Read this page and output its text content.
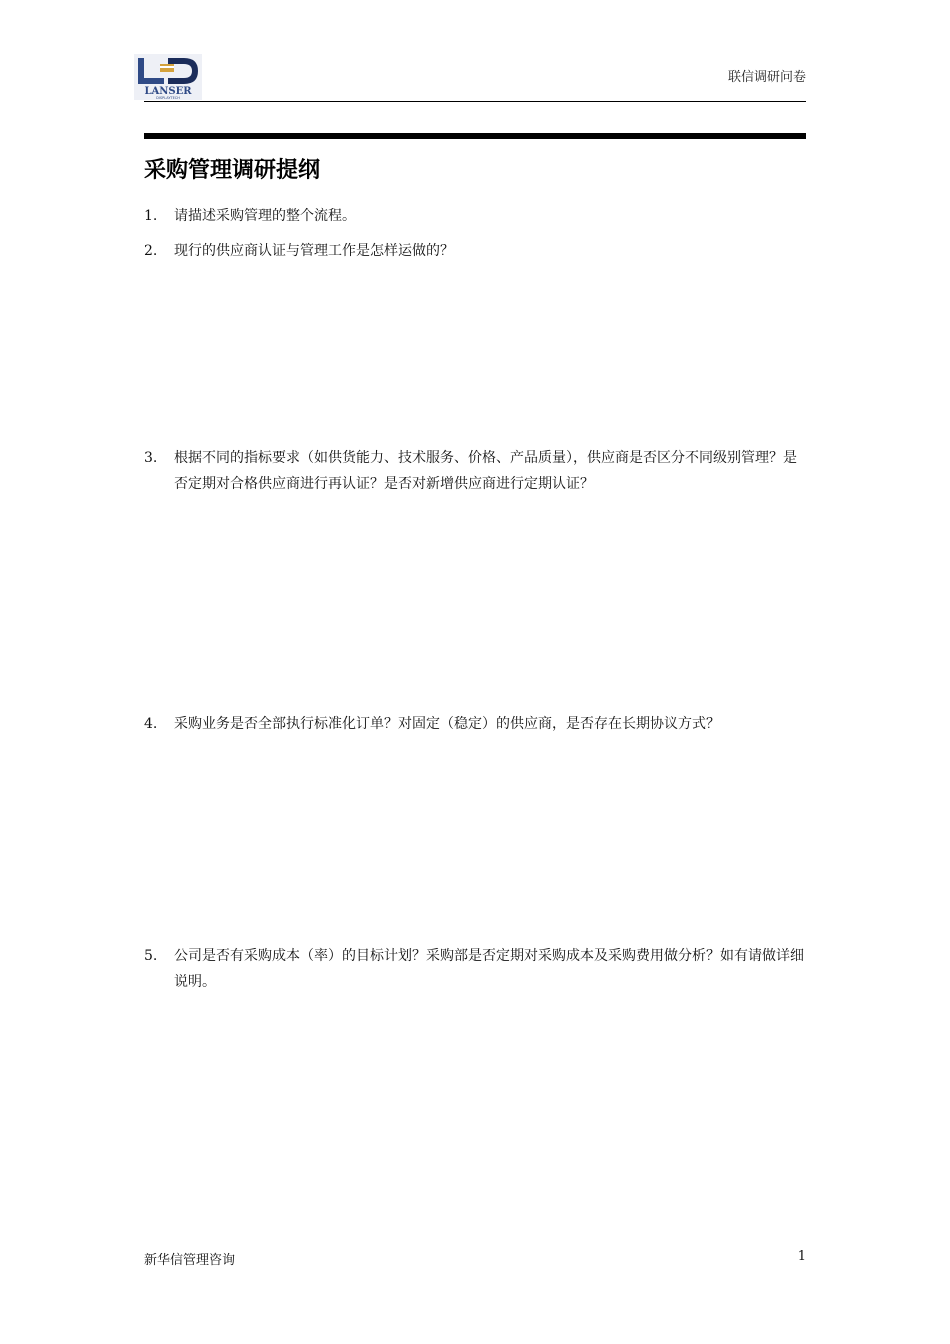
LANSER
DISPLAYTECH
联信调研问卷
采购管理调研提纲
1. 请描述采购管理的整个流程。
2. 现行的供应商认证与管理工作是怎样运做的？
3. 根据不同的指标要求（如供货能力、技术服务、价格、产品质量），供应商是否区分不同级别管理？是否定期对合格供应商进行再认证？是否对新增供应商进行定期认证？
4. 采购业务是否全部执行标准化订单？对固定（稳定）的供应商，是否存在长期协议方式？
5. 公司是否有采购成本（率）的目标计划？采购部是否定期对采购成本及采购费用做分析？如有请做详细说明。
新华信管理咨询	1
